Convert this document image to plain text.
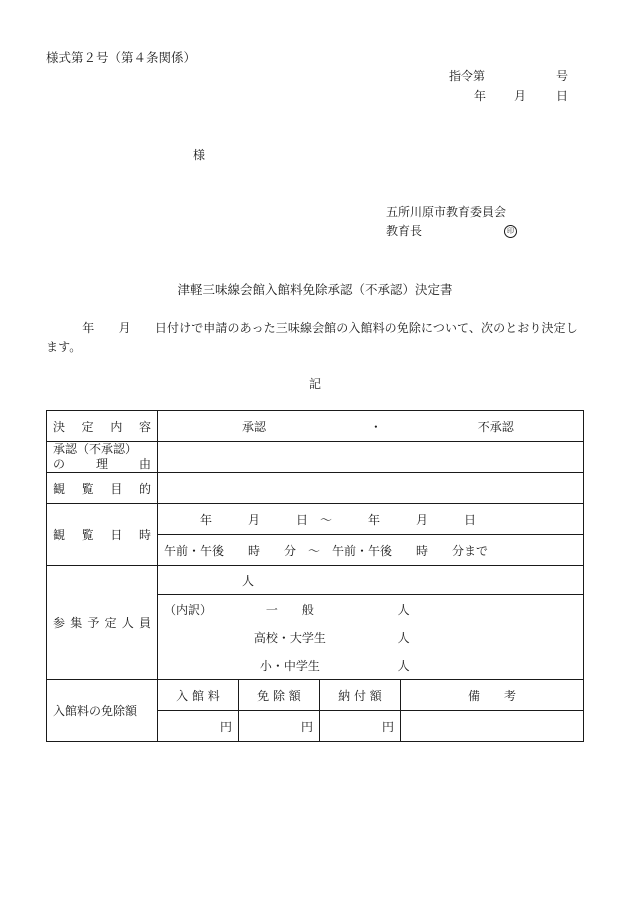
様式第２号（第４条関係）
指令第	号
年 月 日
様
五所川原市教育委員会
教育長	印
津軽三味線会館入館料免除承認（不承認）決定書
　　　年　　月　　日付けで申請のあった三味線会館の入館料の免除について、次のとおり決定します。
記
決定内容	承認 ・ 不承認			

承認（不承認）
の理由				

観覧目的				
観覧日時	年　　　月　　　日　～　　　年　　　月　　　日			
	午前・午後　　時　　分　～　午前・午後　　時　　分まで			
参集予定人員	人			
	（内訳） 一　　般 人			
	高校・大学生 人			
	小・中学生 人			
入館料の免除額	入 館 料	免 除 額	納 付 額	備　　考
	円	円	円	
